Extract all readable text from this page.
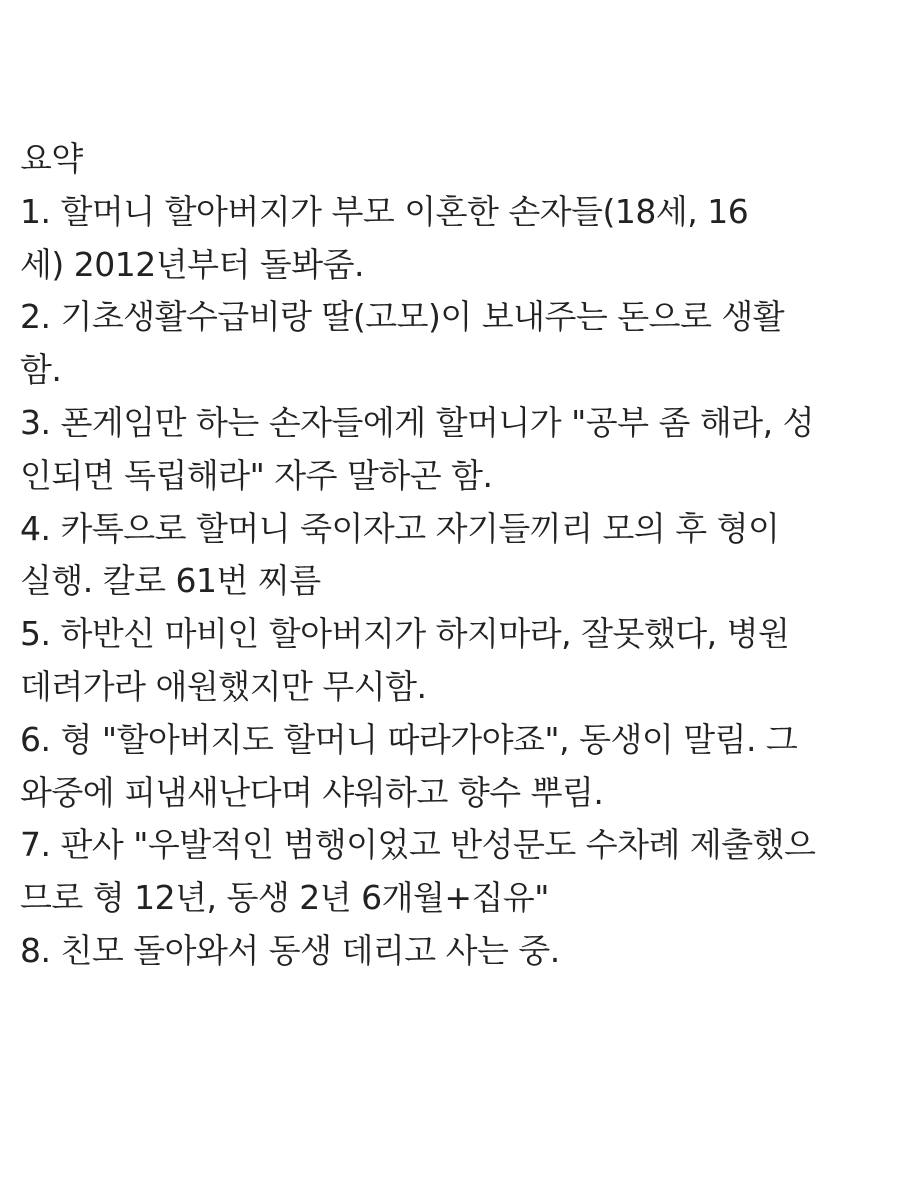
요약
1. 할머니 할아버지가 부모 이혼한 손자들(18세, 16
세) 2012년부터 돌봐줌.
2. 기초생활수급비랑 딸(고모)이 보내주는 돈으로 생활
함.
3. 폰게임만 하는 손자들에게 할머니가 "공부 좀 해라, 성
인되면 독립해라" 자주 말하곤 함.
4. 카톡으로 할머니 죽이자고 자기들끼리 모의 후 형이
실행. 칼로 61번 찌름
5. 하반신 마비인 할아버지가 하지마라, 잘못했다, 병원
데려가라 애원했지만 무시함.
6. 형 "할아버지도 할머니 따라가야죠", 동생이 말림. 그
와중에 피냄새난다며 샤워하고 향수 뿌림.
7. 판사 "우발적인 범행이었고 반성문도 수차례 제출했으
므로 형 12년, 동생 2년 6개월+집유"
8. 친모 돌아와서 동생 데리고 사는 중.
